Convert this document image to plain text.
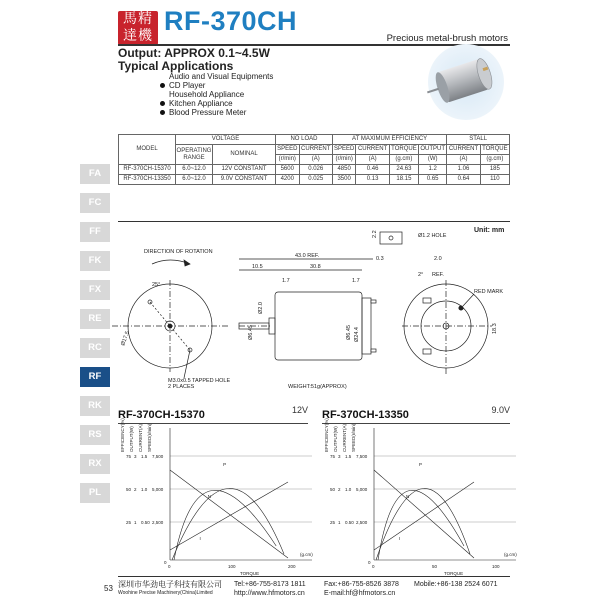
馬精
達機 RF-370CH
Precious metal-brush motors
Output: APPROX 0.1~4.5W
Typical Applications
Audio and Visual Equipments
CD Player
Household Appliance
Kitchen Appliance
Blood Pressure Meter
MODEL	VOLTAGE		NO LOAD		AT MAXIMUM EFFICIENCY				STALL	
	OPERATING RANGE	NOMINAL	SPEED	CURRENT	SPEED	CURRENT	TORQUE	OUTPUT	CURRENT	TORQUE
			(r/min)	(A)	(r/min)	(A)	(g.cm)	(W)	(A)	(g.cm)
RF-370CH-15370	6.0~12.0	12V CONSTANT	5600	0.026	4850	0.46	24.63	1.2	1.06	185
RF-370CH-13350	6.0~12.0	9.0V CONSTANT	4200	0.025	3500	0.13	18.15	0.65	0.64	110
FA
FC
FF
FK
FX
RE
RC
RF
RK
RS
RX
PL
Unit: mm
DIRECTION OF ROTATION
25°
Ø17.5
M3.0x0.5 TAPPED HOLE
2 PLACES
43.0 REF.
10.5	30.8
1.7	1.7
Ø2.0
Ø6.45	Ø6.45 Ø24.4
WEIGHT:51g(APPROX)
2.2	Ø1.2 HOLE
0.3	2.0
2° REF.
RED MARK
18.3
RF-370CH-15370	12V RF-370CH-13350	9.0V
EFFICIENCY(%) OUTPUT(W) CURRENT(A) SPEED(r/min)
75 3 1.5 7,500
50 2 1.0 5,000
25 1 0.50 2,500
0	100	200
(g.cm)
TORQUE
0
P
N
I
EFFICIENCY(%) OUTPUT(W) CURRENT(A) SPEED(r/min)
75 3 1.5 7,500
50 2 1.0 5,000
25 1 0.50 2,500
0	50	100
(g.cm)
TORQUE
0
P
N
I
53 深圳市华劲电子科技有限公司
Woohine Precise Machinery(China)Limited
Tel:+86-755-8173 1811
http://www.hfmotors.cn
Fax:+86-755-8526 3878
E-mail:hf@hfmotors.cn
Mobile:+86-138 2524 6071
